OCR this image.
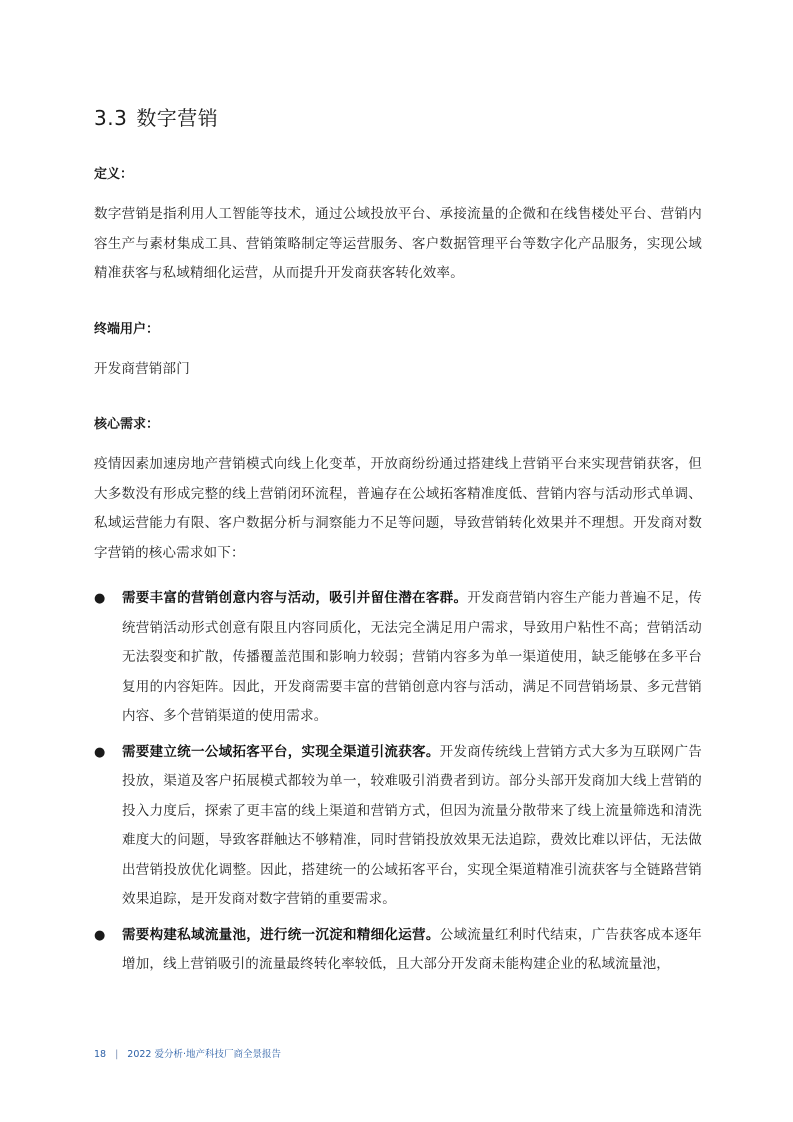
3.3 数字营销
定义：
数字营销是指利用人工智能等技术，通过公域投放平台、承接流量的企微和在线售楼处平台、营销内容生产与素材集成工具、营销策略制定等运营服务、客户数据管理平台等数字化产品服务，实现公域精准获客与私域精细化运营，从而提升开发商获客转化效率。
终端用户：
开发商营销部门
核心需求：
疫情因素加速房地产营销模式向线上化变革，开放商纷纷通过搭建线上营销平台来实现营销获客，但大多数没有形成完整的线上营销闭环流程，普遍存在公域拓客精准度低、营销内容与活动形式单调、私域运营能力有限、客户数据分析与洞察能力不足等问题，导致营销转化效果并不理想。开发商对数字营销的核心需求如下：
● 需要丰富的营销创意内容与活动，吸引并留住潜在客群。开发商营销内容生产能力普遍不足，传统营销活动形式创意有限且内容同质化，无法完全满足用户需求，导致用户粘性不高；营销活动无法裂变和扩散，传播覆盖范围和影响力较弱；营销内容多为单一渠道使用，缺乏能够在多平台复用的内容矩阵。因此，开发商需要丰富的营销创意内容与活动，满足不同营销场景、多元营销内容、多个营销渠道的使用需求。
● 需要建立统一公域拓客平台，实现全渠道引流获客。开发商传统线上营销方式大多为互联网广告投放，渠道及客户拓展模式都较为单一，较难吸引消费者到访。部分头部开发商加大线上营销的投入力度后，探索了更丰富的线上渠道和营销方式，但因为流量分散带来了线上流量筛选和清洗难度大的问题，导致客群触达不够精准，同时营销投放效果无法追踪，费效比难以评估，无法做出营销投放优化调整。因此，搭建统一的公域拓客平台，实现全渠道精准引流获客与全链路营销效果追踪，是开发商对数字营销的重要需求。
● 需要构建私域流量池，进行统一沉淀和精细化运营。公域流量红利时代结束，广告获客成本逐年增加，线上营销吸引的流量最终转化率较低，且大部分开发商未能构建企业的私域流量池，
18 | 2022 爱分析·地产科技厂商全景报告
